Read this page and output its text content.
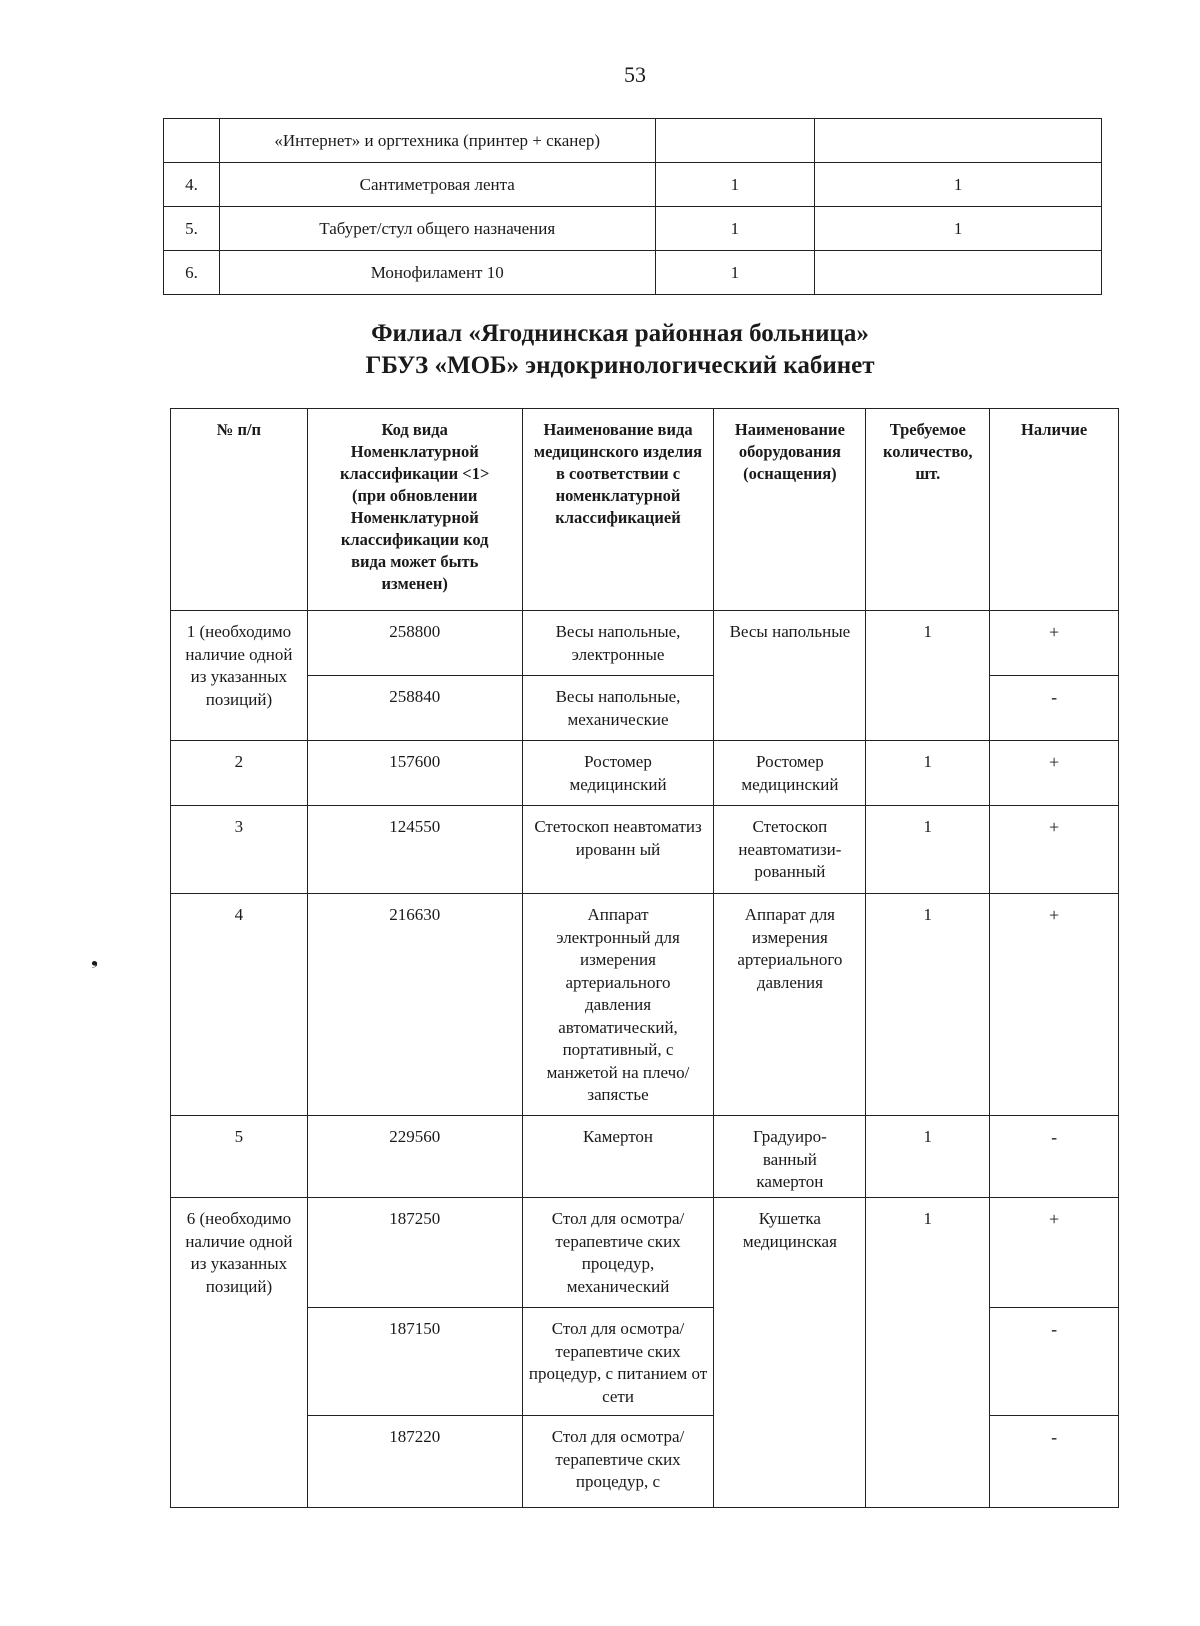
53
	«Интернет» и оргтехника (принтер + сканер)		
4.	Сантиметровая лента	1	1
5.	Табурет/стул общего назначения	1	1
6.	Монофиламент 10	1	
Филиал «Ягоднинская районная больница»
ГБУЗ «МОБ» эндокринологический кабинет
❟
№ п/п	Код вида Номенклатурной классификации <1> (при обновлении Номенклатурной классификации код вида может быть изменен)	Наименование вида медицинского изделия в соответствии с номенклатурной классификацией	Наименование оборудования (оснащения)	Требуемое количество, шт.	Наличие
1 (необходимо наличие одной из указанных позиций)	258800	Весы напольные, электронные	Весы напольные	1	+
	258840	Весы напольные, механические			-
2	157600	Ростомер медицинский	Ростомер медицинский	1	+
3	124550	Стетоскоп неавтоматизированн ый	Стетоскоп неавтоматизи- рованный	1	+
4	216630	Аппарат электронный для измерения артериального давления автоматический, портативный, с манжетой на плечо/запястье	Аппарат для измерения артериального давления	1	+
5	229560	Камертон	Градуиро- ванный камертон	1	-
6 (необходимо наличие одной из указанных позиций)	187250	Стол для осмотра/терапевтиче ских процедур, механический	Кушетка медицинская	1	+
	187150	Стол для осмотра/терапевтиче ских процедур, с питанием от сети			-
	187220	Стол для осмотра/терапевтиче ских процедур, с			-
